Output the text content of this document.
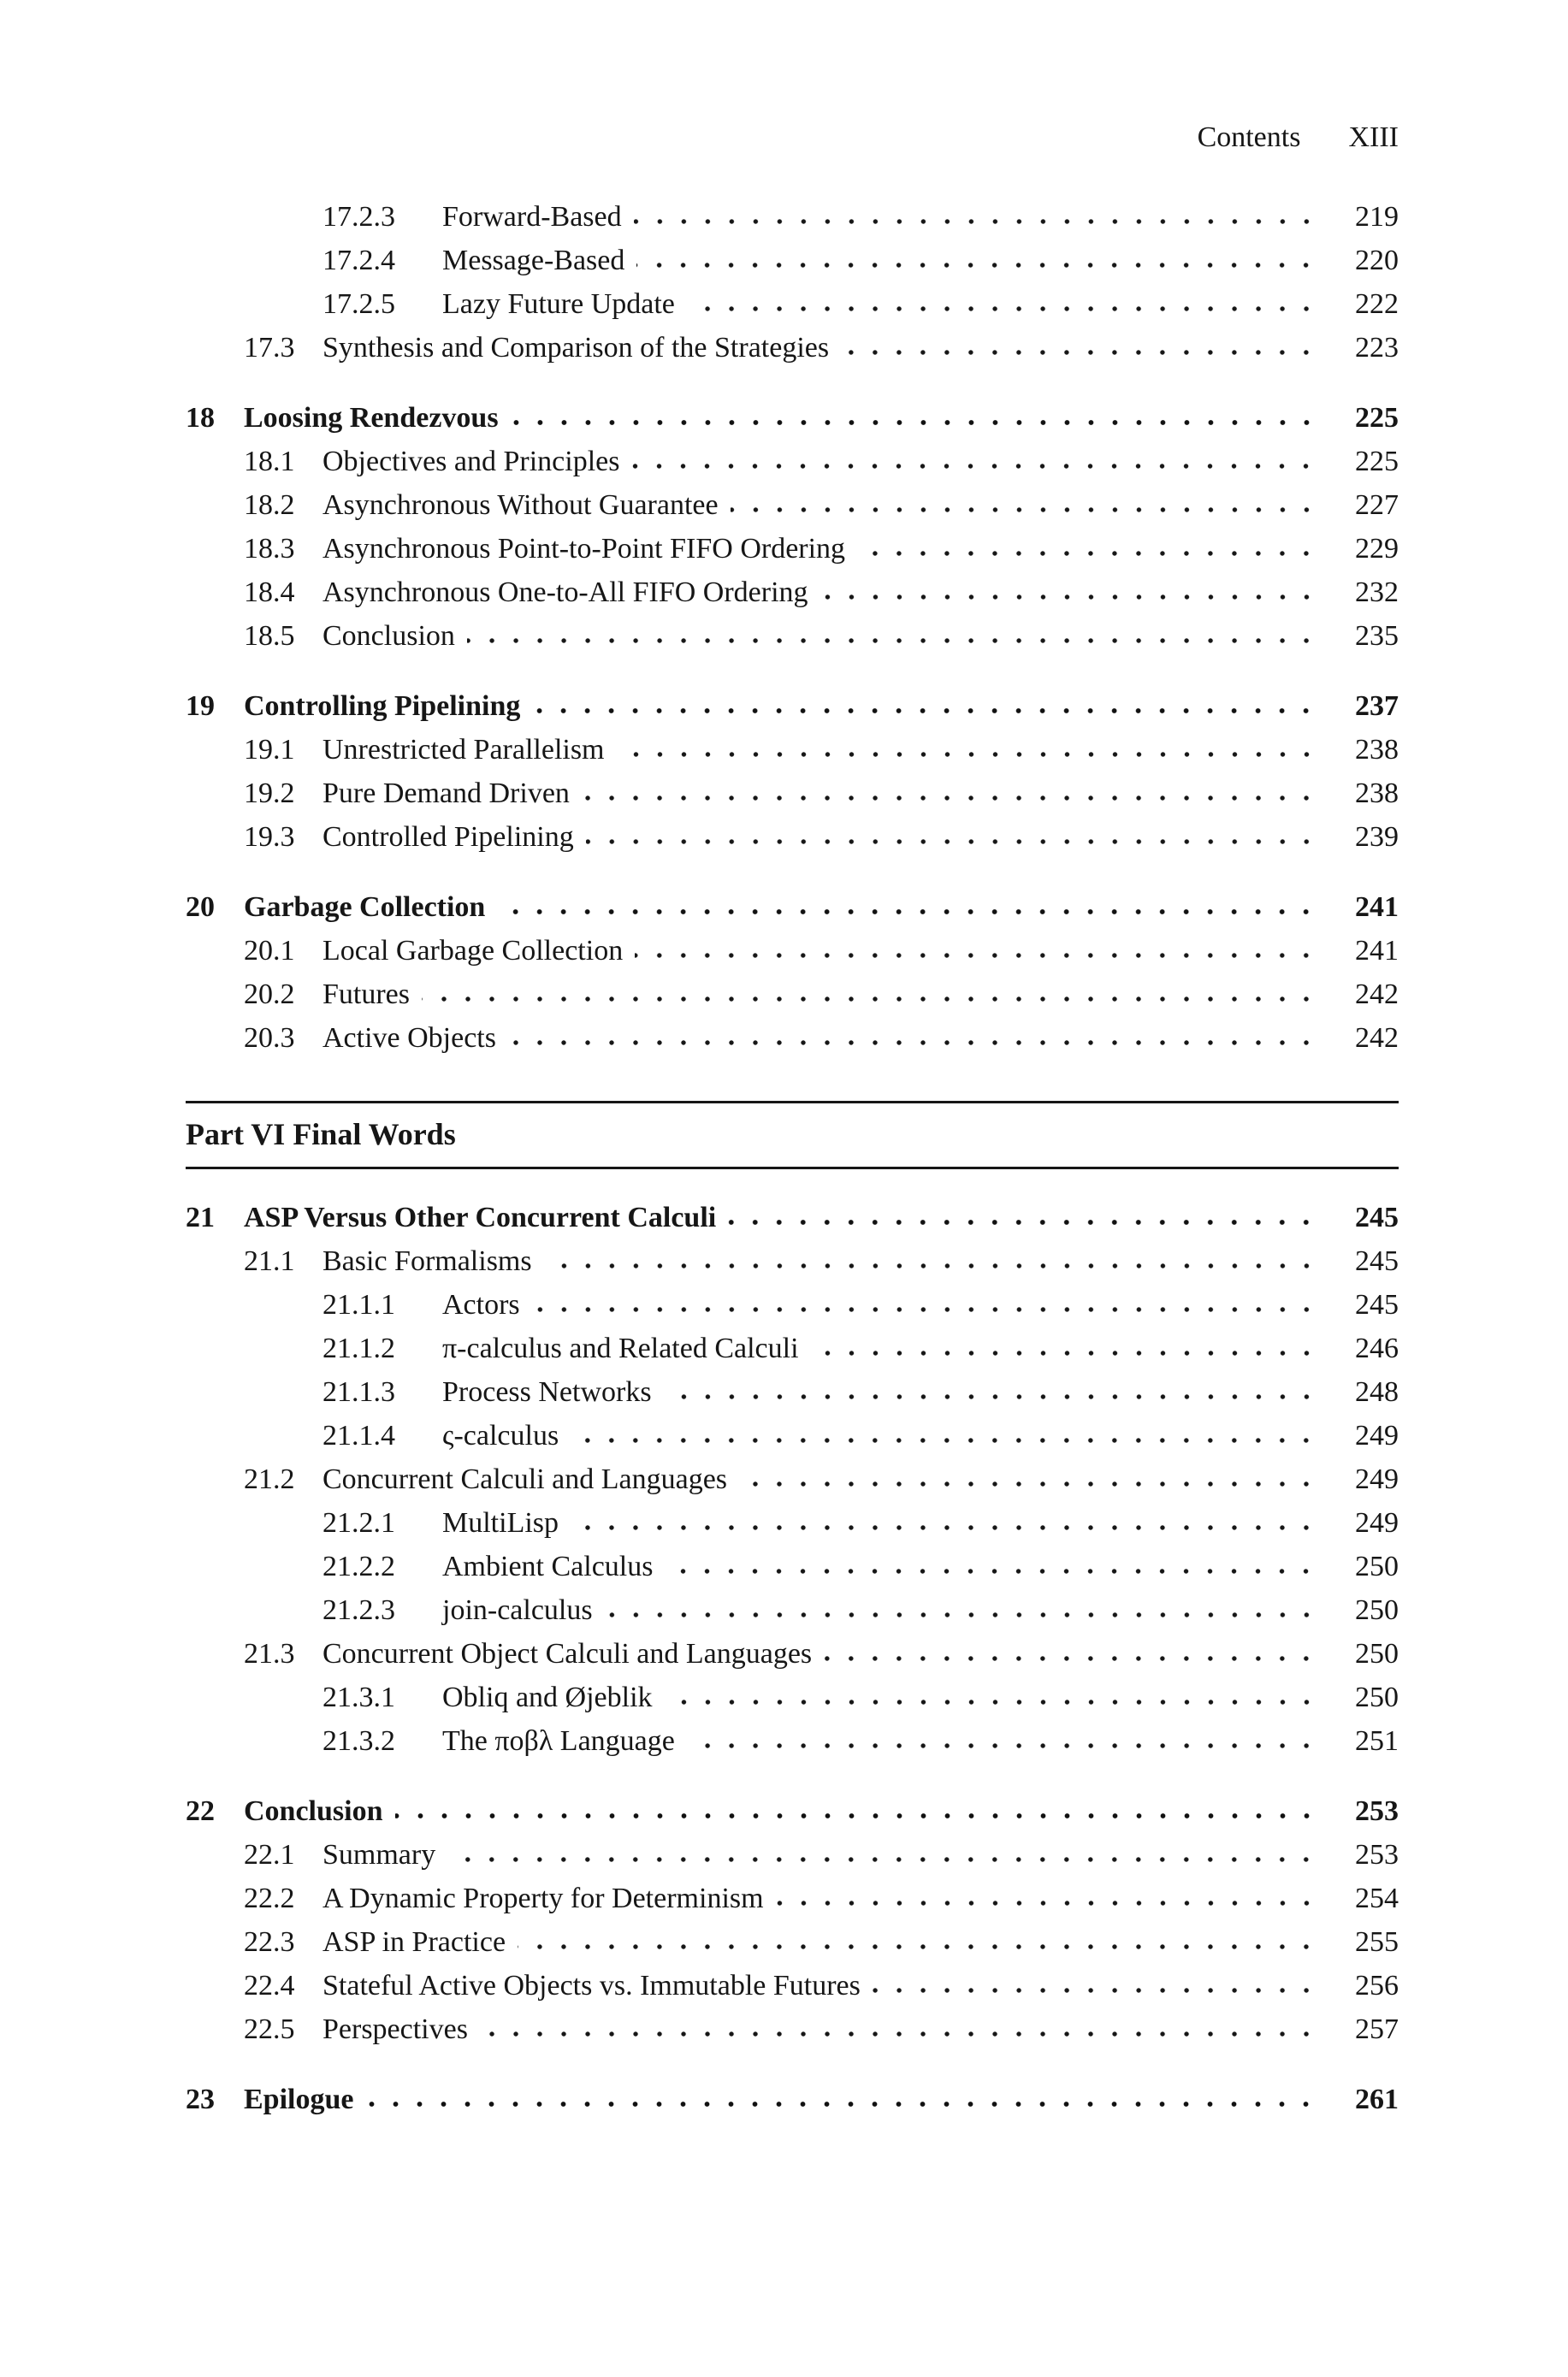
Contents XIII
17.2.3	Forward-Based	219
17.2.4	Message-Based	220
17.2.5	Lazy Future Update	222
17.3 Synthesis and Comparison of the Strategies	223
18	Loosing Rendezvous	225
18.1 Objectives and Principles	225
18.2 Asynchronous Without Guarantee	227
18.3 Asynchronous Point-to-Point FIFO Ordering	229
18.4 Asynchronous One-to-All FIFO Ordering	232
18.5 Conclusion	235
19	Controlling Pipelining	237
19.1 Unrestricted Parallelism	238
19.2 Pure Demand Driven	238
19.3 Controlled Pipelining	239
20	Garbage Collection	241
20.1 Local Garbage Collection	241
20.2 Futures	242
20.3 Active Objects	242
Part VI Final Words
21	ASP Versus Other Concurrent Calculi	245
21.1 Basic Formalisms	245
21.1.1	Actors	245
21.1.2	π-calculus and Related Calculi	246
21.1.3	Process Networks	248
21.1.4	ς-calculus	249
21.2 Concurrent Calculi and Languages	249
21.2.1	MultiLisp	249
21.2.2	Ambient Calculus	250
21.2.3	join-calculus	250
21.3 Concurrent Object Calculi and Languages	250
21.3.1	Obliq and Øjeblik	250
21.3.2	The πoβλ Language	251
22	Conclusion	253
22.1 Summary	253
22.2 A Dynamic Property for Determinism	254
22.3 ASP in Practice	255
22.4 Stateful Active Objects vs. Immutable Futures	256
22.5 Perspectives	257
23	Epilogue	261
